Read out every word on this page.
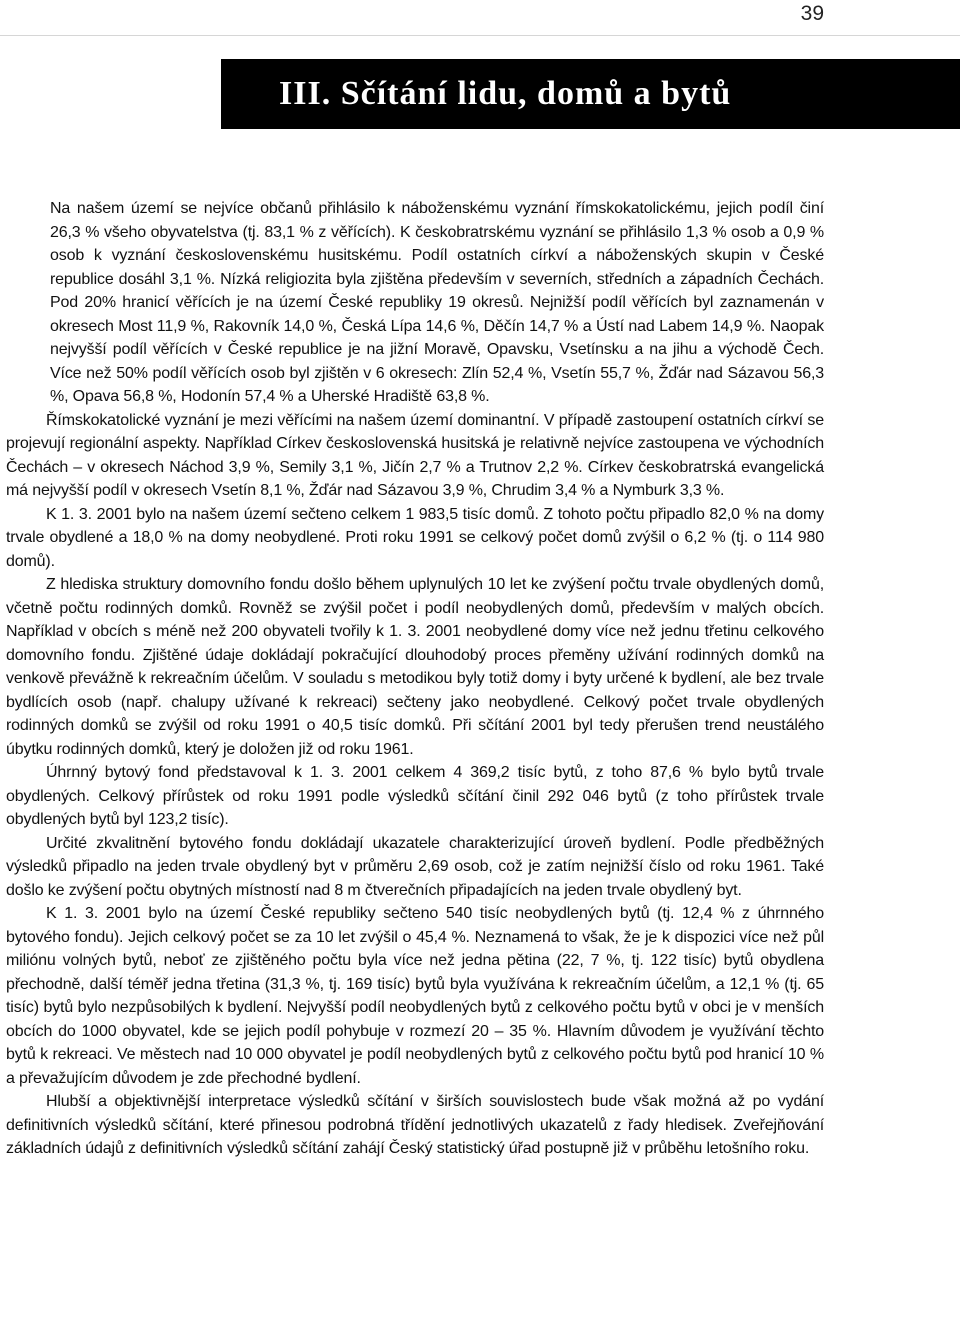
39
III. Sčítání lidu, domů a bytů

Na našem území se nejvíce občanů přihlásilo k náboženskému vyznání římskokatolickému, jejich podíl činí 26,3 % všeho obyvatelstva (tj. 83,1 % z věřících). K českobratrskému vyznání se přihlásilo 1,3 % osob a 0,9 % osob k vyznání československému husitskému. Podíl ostatních církví a náboženských skupin v České republice dosáhl 3,1 %. Nízká religiozita byla zjištěna především v severních, středních a západních Čechách. Pod 20% hranicí věřících je na území České republiky 19 okresů. Nejnižší podíl věřících byl zaznamenán v okresech Most 11,9 %, Rakovník 14,0 %, Česká Lípa 14,6 %, Děčín 14,7 % a Ústí nad Labem 14,9 %. Naopak nejvyšší podíl věřících v České republice je na jižní Moravě, Opavsku, Vsetínsku a na jihu a východě Čech. Více než 50% podíl věřících osob byl zjištěn v 6 okresech: Zlín 52,4 %, Vsetín 55,7 %, Žďár nad Sázavou 56,3 %, Opava 56,8 %, Hodonín 57,4 % a Uherské Hradiště 63,8 %.

Římskokatolické vyznání je mezi věřícími na našem území dominantní. V případě zastoupení ostatních církví se projevují regionální aspekty. Například Církev československá husitská je relativně nejvíce zastoupena ve východních Čechách – v okresech Náchod 3,9 %, Semily 3,1 %, Jičín 2,7 % a Trutnov 2,2 %. Církev českobratrská evangelická má nejvyšší podíl v okresech Vsetín 8,1 %, Žďár nad Sázavou 3,9 %, Chrudim 3,4 % a Nymburk 3,3 %.

K 1. 3. 2001 bylo na našem území sečteno celkem 1 983,5 tisíc domů. Z tohoto počtu připadlo 82,0 % na domy trvale obydlené a 18,0 % na domy neobydlené. Proti roku 1991 se celkový počet domů zvýšil o 6,2 % (tj. o 114 980 domů).

Z hlediska struktury domovního fondu došlo během uplynulých 10 let ke zvýšení počtu trvale obydlených domů, včetně počtu rodinných domků. Rovněž se zvýšil počet i podíl neobydlených domů, především v malých obcích. Například v obcích s méně než 200 obyvateli tvořily k 1. 3. 2001 neobydlené domy více než jednu třetinu celkového domovního fondu. Zjištěné údaje dokládají pokračující dlouhodobý proces přeměny užívání rodinných domků na venkově převážně k rekreačním účelům. V souladu s metodikou byly totiž domy i byty určené k bydlení, ale bez trvale bydlících osob (např. chalupy užívané k rekreaci) sečteny jako neobydlené. Celkový počet trvale obydlených rodinných domků se zvýšil od roku 1991 o 40,5 tisíc domků. Při sčítání 2001 byl tedy přerušen trend neustálého úbytku rodinných domků, který je doložen již od roku 1961.

Úhrnný bytový fond představoval k 1. 3. 2001 celkem 4 369,2 tisíc bytů, z toho 87,6 % bylo bytů trvale obydlených. Celkový přírůstek od roku 1991 podle výsledků sčítání činil 292 046 bytů (z toho přírůstek trvale obydlených bytů byl 123,2 tisíc).

Určité zkvalitnění bytového fondu dokládají ukazatele charakterizující úroveň bydlení. Podle předběžných výsledků připadlo na jeden trvale obydlený byt v průměru 2,69 osob, což je zatím nejnižší číslo od roku 1961. Také došlo ke zvýšení počtu obytných místností nad 8 m čtverečních připadajících na jeden trvale obydlený byt.

K 1. 3. 2001 bylo na území České republiky sečteno 540 tisíc neobydlených bytů (tj. 12,4 % z úhrnného bytového fondu). Jejich celkový počet se za 10 let zvýšil o 45,4 %. Neznamená to však, že je k dispozici více než půl miliónu volných bytů, neboť ze zjištěného počtu byla více než jedna pětina (22, 7 %, tj. 122 tisíc) bytů obydlena přechodně, další téměř jedna třetina (31,3 %, tj. 169 tisíc) bytů byla využívána k rekreačním účelům, a 12,1 % (tj. 65 tisíc) bytů bylo nezpůsobilých k bydlení. Nejvyšší podíl neobydlených bytů z celkového počtu bytů v obci je v menších obcích do 1000 obyvatel, kde se jejich podíl pohybuje v rozmezí 20 – 35 %. Hlavním důvodem je využívání těchto bytů k rekreaci. Ve městech nad 10 000 obyvatel je podíl neobydlených bytů z celkového počtu bytů pod hranicí 10 % a převažujícím důvodem je zde přechodné bydlení.

Hlubší a objektivnější interpretace výsledků sčítání v širších souvislostech bude však možná až po vydání definitivních výsledků sčítání, které přinesou podrobná třídění jednotlivých ukazatelů z řady hledisek. Zveřejňování základních údajů z definitivních výsledků sčítání zahájí Český statistický úřad postupně již v průběhu letošního roku.
